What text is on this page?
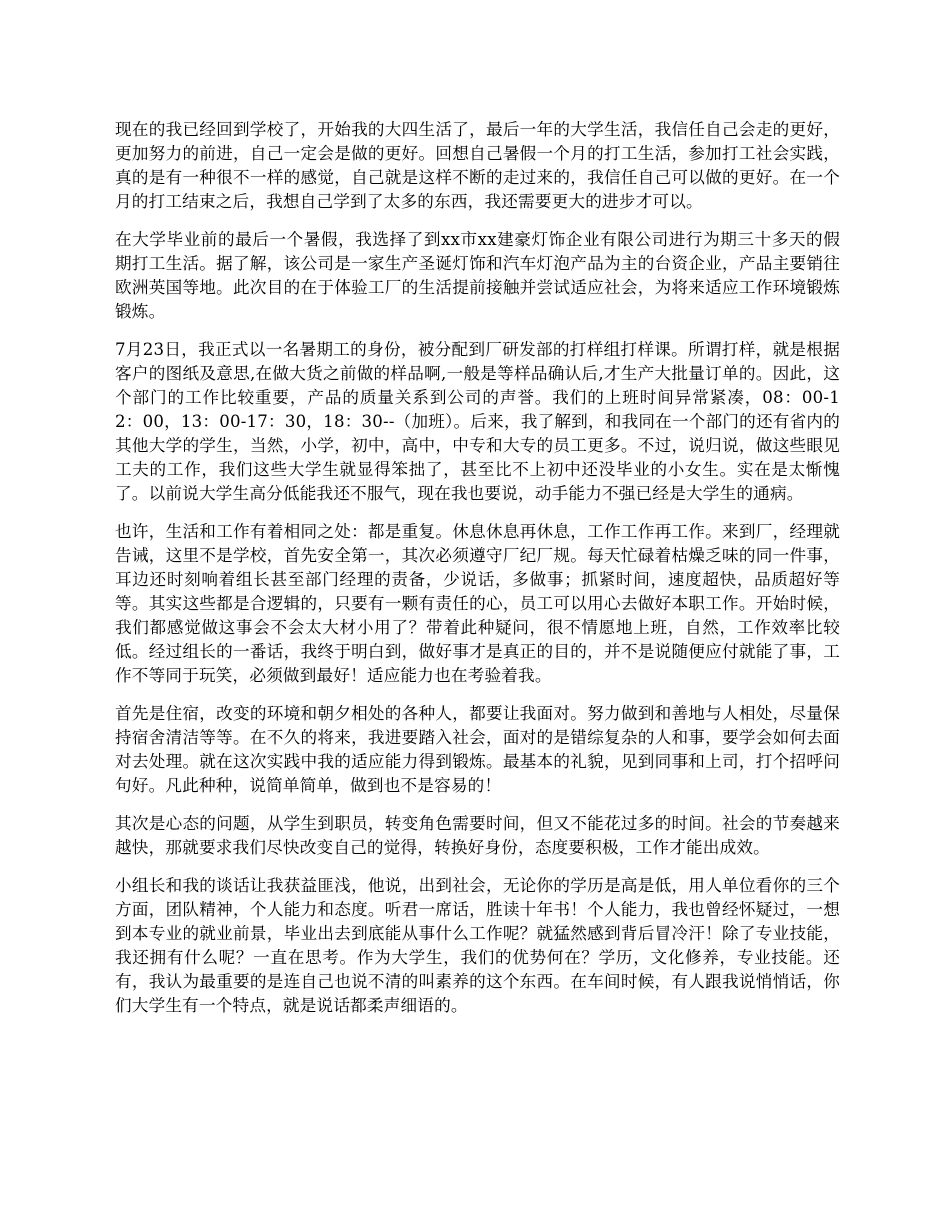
现在的我已经回到学校了，开始我的大四生活了，最后一年的大学生活，我信任自己会走的更好，更加努力的前进，自己一定会是做的更好。回想自己暑假一个月的打工生活，参加打工社会实践，真的是有一种很不一样的感觉，自己就是这样不断的走过来的，我信任自己可以做的更好。在一个月的打工结束之后，我想自己学到了太多的东西，我还需要更大的进步才可以。

在大学毕业前的最后一个暑假，我选择了到xx市xx建豪灯饰企业有限公司进行为期三十多天的假期打工生活。据了解，该公司是一家生产圣诞灯饰和汽车灯泡产品为主的台资企业，产品主要销往欧洲英国等地。此次目的在于体验工厂的生活提前接触并尝试适应社会，为将来适应工作环境锻炼锻炼。

7月23日，我正式以一名暑期工的身份，被分配到厂研发部的打样组打样课。所谓打样，就是根据客户的图纸及意思,在做大货之前做的样品啊,一般是等样品确认后,才生产大批量订单的。因此，这个部门的工作比较重要，产品的质量关系到公司的声誉。我们的上班时间异常紧凑，08：00-12：00，13：00-17：30，18：30--（加班）。后来，我了解到，和我同在一个部门的还有省内的其他大学的学生，当然，小学，初中，高中，中专和大专的员工更多。不过，说归说，做这些眼见工夫的工作，我们这些大学生就显得笨拙了，甚至比不上初中还没毕业的小女生。实在是太惭愧了。以前说大学生高分低能我还不服气，现在我也要说，动手能力不强已经是大学生的通病。

也许，生活和工作有着相同之处：都是重复。休息休息再休息，工作工作再工作。来到厂，经理就告诫，这里不是学校，首先安全第一，其次必须遵守厂纪厂规。每天忙碌着枯燥乏味的同一件事，耳边还时刻响着组长甚至部门经理的责备，少说话，多做事；抓紧时间，速度超快，品质超好等等。其实这些都是合逻辑的，只要有一颗有责任的心，员工可以用心去做好本职工作。开始时候，我们都感觉做这事会不会太大材小用了？带着此种疑问，很不情愿地上班，自然，工作效率比较低。经过组长的一番话，我终于明白到，做好事才是真正的目的，并不是说随便应付就能了事，工作不等同于玩笑，必须做到最好！适应能力也在考验着我。

首先是住宿，改变的环境和朝夕相处的各种人，都要让我面对。努力做到和善地与人相处，尽量保持宿舍清洁等等。在不久的将来，我进要踏入社会，面对的是错综复杂的人和事，要学会如何去面对去处理。就在这次实践中我的适应能力得到锻炼。最基本的礼貌，见到同事和上司，打个招呼问句好。凡此种种，说简单简单，做到也不是容易的！

其次是心态的问题，从学生到职员，转变角色需要时间，但又不能花过多的时间。社会的节奏越来越快，那就要求我们尽快改变自己的觉得，转换好身份，态度要积极，工作才能出成效。

小组长和我的谈话让我获益匪浅，他说，出到社会，无论你的学历是高是低，用人单位看你的三个方面，团队精神，个人能力和态度。听君一席话，胜读十年书！个人能力，我也曾经怀疑过，一想到本专业的就业前景，毕业出去到底能从事什么工作呢？就猛然感到背后冒冷汗！除了专业技能，我还拥有什么呢？一直在思考。作为大学生，我们的优势何在？学历，文化修养，专业技能。还有，我认为最重要的是连自己也说不清的叫素养的这个东西。在车间时候，有人跟我说悄悄话，你们大学生有一个特点，就是说话都柔声细语的。
